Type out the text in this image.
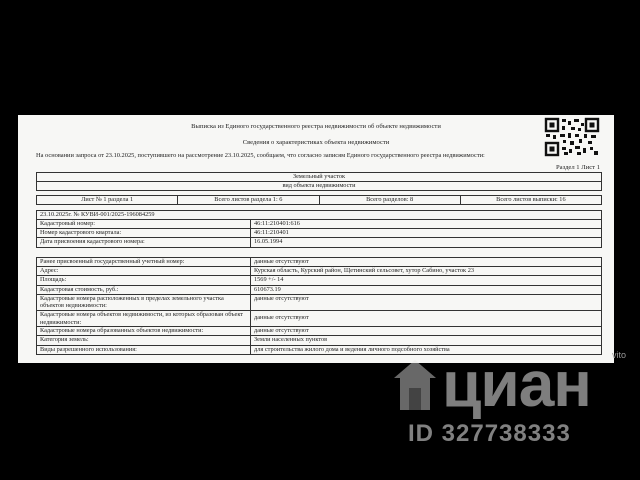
Выписка из Единого государственного реестра недвижимости об объекте недвижимости
Сведения о характеристиках объекта недвижимости
На основании запроса от 23.10.2025, поступившего на рассмотрение 23.10.2025, сообщаем, что согласно записям Единого государственного реестра недвижимости:
Раздел 1 Лист 1
Земельный участок
вид объекта недвижимости
Лист № 1 раздела 1	Всего листов раздела 1: 6	Всего разделов: 8	Всего листов выписки: 16
23.10.2025г. № КУВИ-001/2025-196084259
Кадастровый номер:	46:11:210401:616
Номер кадастрового квартала:	46:11:210401
Дата присвоения кадастрового номера:	16.05.1994
Ранее присвоенный государственный учетный номер:	данные отсутствуют
Адрес:	Курская область, Курский район, Щетинский сельсовет, хутор Сабино, участок 23
Площадь:	1569 +/- 14
Кадастровая стоимость, руб.:	610673.19
Кадастровые номера расположенных в пределах земельного участка объектов недвижимости:	данные отсутствуют
Кадастровые номера объектов недвижимости, из которых образован объект недвижимости:	данные отсутствуют
Кадастровые номера образованных объектов недвижимости:	данные отсутствуют
Категория земель:	Земли населенных пунктов
Виды разрешенного использования:	для строительства жилого дома и ведения личного подсобного хозяйства
vito
циан
ID 327738333
